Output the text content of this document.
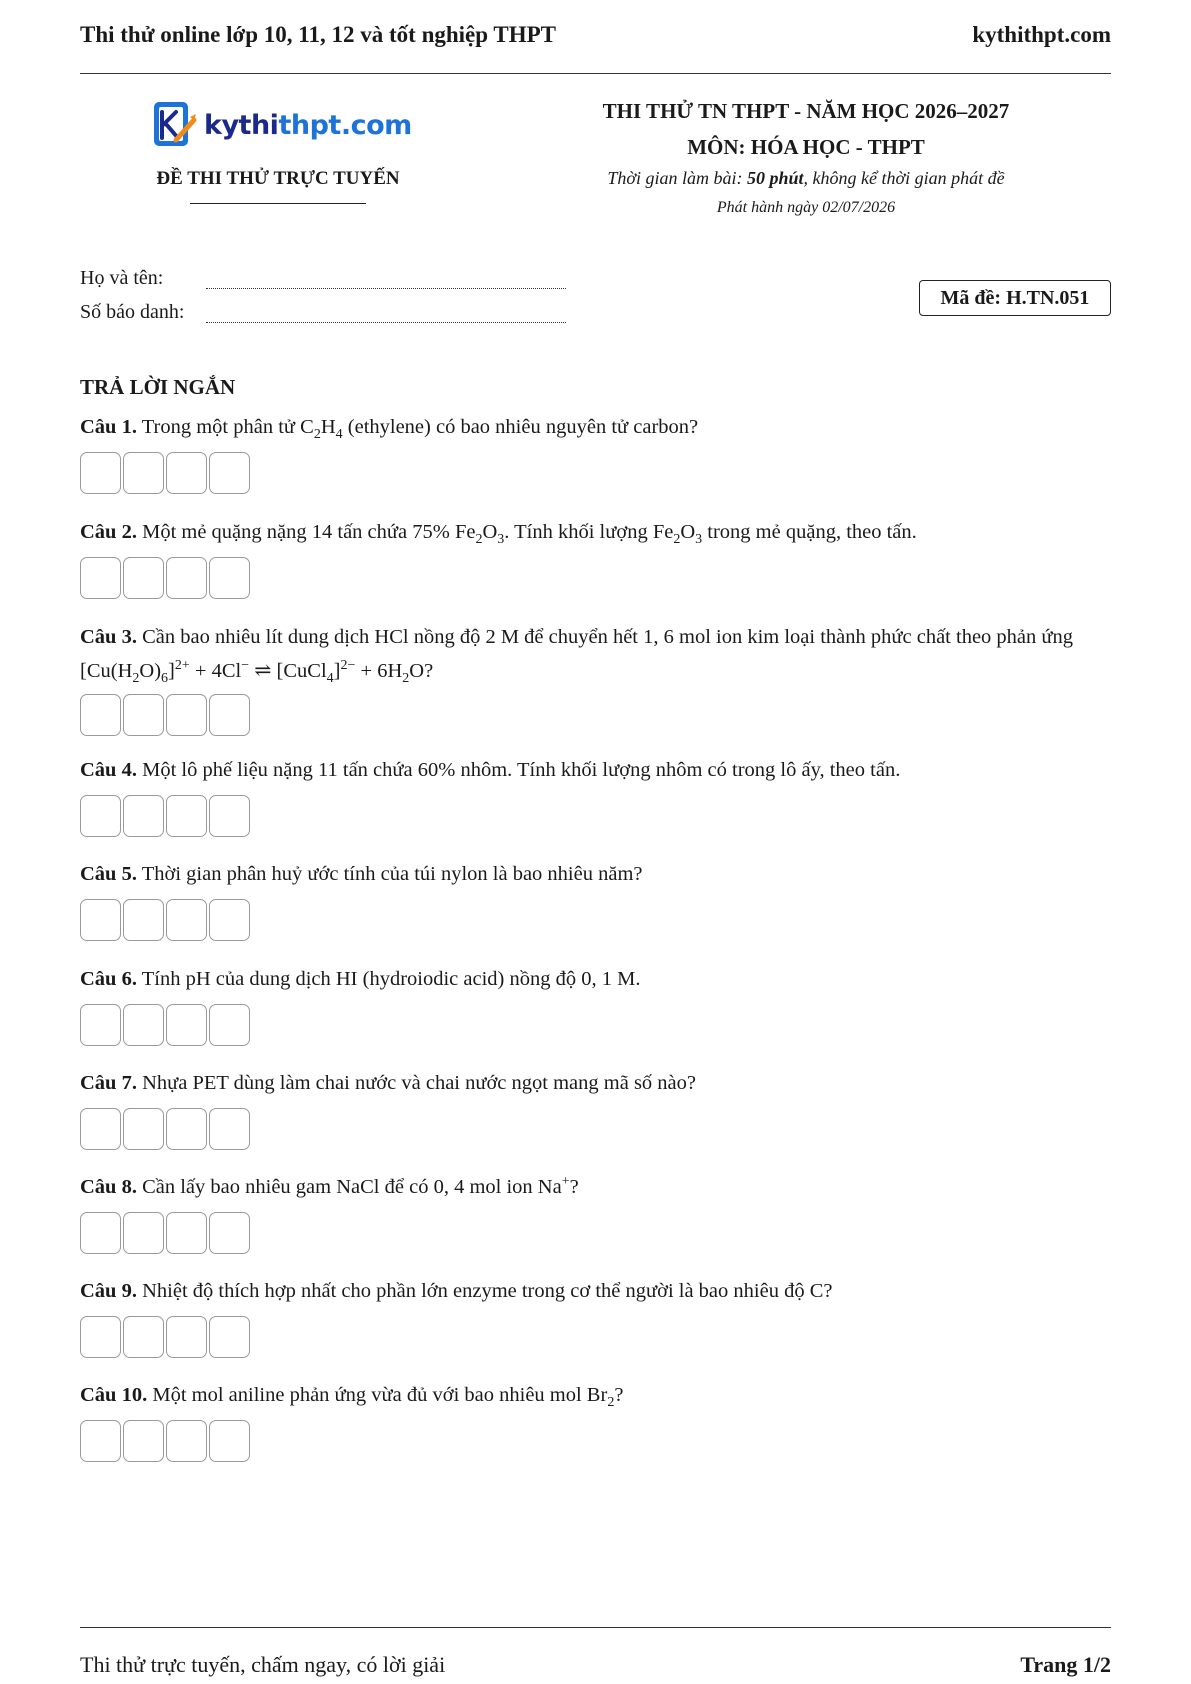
Thi thử online lớp 10, 11, 12 và tốt nghiệp THPT	kythithpt.com
kythithpt.com
ĐỀ THI THỬ TRỰC TUYẾN
THI THỬ TN THPT - NĂM HỌC 2026–2027
MÔN: HÓA HỌC - THPT
Thời gian làm bài: 50 phút, không kể thời gian phát đề
Phát hành ngày 02/07/2026
Họ và tên:
Số báo danh:
Mã đề: H.TN.051
TRẢ LỜI NGẮN
Câu 1. Trong một phân tử $C_2H_4$ (ethylene) có bao nhiêu nguyên tử carbon?
Câu 2. Một mẻ quặng nặng 14 tấn chứa 75% $Fe_2O_3$. Tính khối lượng $Fe_2O_3$ trong mẻ quặng, theo tấn.
Câu 3. Cần bao nhiêu lít dung dịch HCl nồng độ 2 M để chuyển hết 1, 6 mol ion kim loại thành phức chất theo phản ứng $[Cu(H_2O)_6]^{2+} + 4Cl^-$ ⇌ [CuCl$_4$]$^{2-}$ + $6H_2O$?
Câu 4. Một lô phế liệu nặng 11 tấn chứa 60% nhôm. Tính khối lượng nhôm có trong lô ấy, theo tấn.
Câu 5. Thời gian phân huỷ ước tính của túi nylon là bao nhiêu năm?
Câu 6. Tính pH của dung dịch HI (hydroiodic acid) nồng độ 0, 1 M.
Câu 7. Nhựa PET dùng làm chai nước và chai nước ngọt mang mã số nào?
Câu 8. Cần lấy bao nhiêu gam NaCl để có 0, 4 mol ion Na+?
Câu 9. Nhiệt độ thích hợp nhất cho phần lớn enzyme trong cơ thể người là bao nhiêu độ C?
Câu 10. Một mol aniline phản ứng vừa đủ với bao nhiêu mol $Br_2$?
Thi thử trực tuyến, chấm ngay, có lời giải	Trang 1/2
